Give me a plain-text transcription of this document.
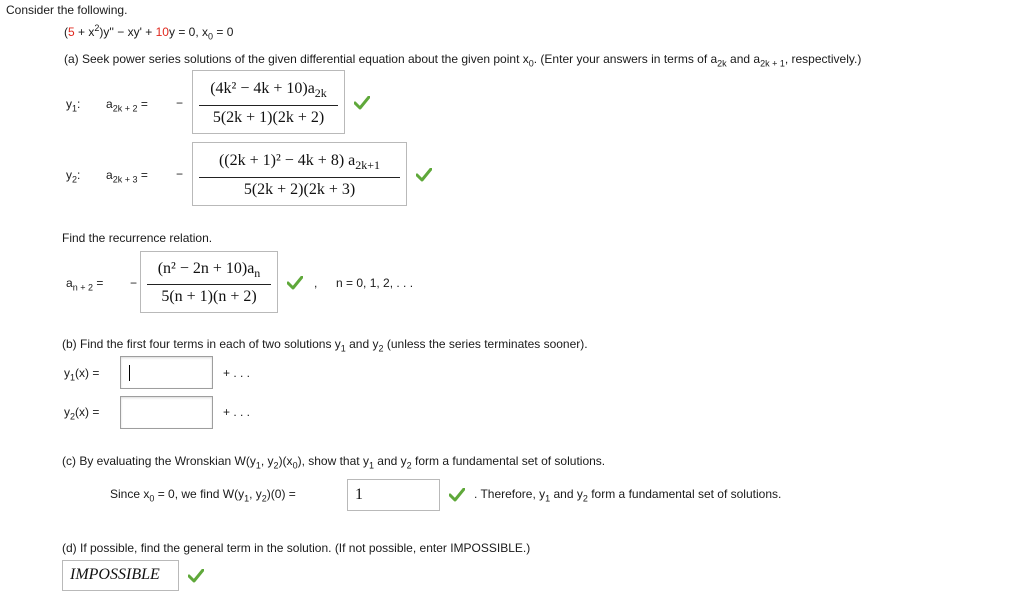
Consider the following.
$(5 + x^2)y'' - xy' + 10y = 0$, $x_0 = 0$
(a) Seek power series solutions of the given differential equation about the given point $x_0$. (Enter your answers in terms of $a_{2k}$ and $a_{2k + 1}$, respectively.)
$y_1$: $a_{2k + 2}$ = −
$(4k^2 - 4k + 10)a_{2k}$
5(2k + 1)(2k + 2)
$y_2$: $a_{2k + 3}$ = −
((2k + 1)² − 4k + 8) $a_{2k+1}$
5(2k + 2)(2k + 3)
Find the recurrence relation.
$a_{n + 2}$ = −
$(n^2 - 2n + 10)a_n$
5(n + 1)(n + 2)
, n = 0, 1, 2, . . .
(b) Find the first four terms in each of two solutions $y_1$ and $y_2$ (unless the series terminates sooner).
$y_1(x)$ =	+ . . .
$y_2(x)$ =	+ . . .
(c) By evaluating the Wronskian $W(y_1$, $y_2)(x_0)$, show that $y_1$ and $y_2$ form a fundamental set of solutions.
Since $x_0 = 0$, we find $W(y_1$, $y_2)(0)$ =	1	. Therefore, $y_1$ and $y_2$ form a fundamental set of solutions.
(d) If possible, find the general term in the solution. (If not possible, enter IMPOSSIBLE.)
IMPOSSIBLE
